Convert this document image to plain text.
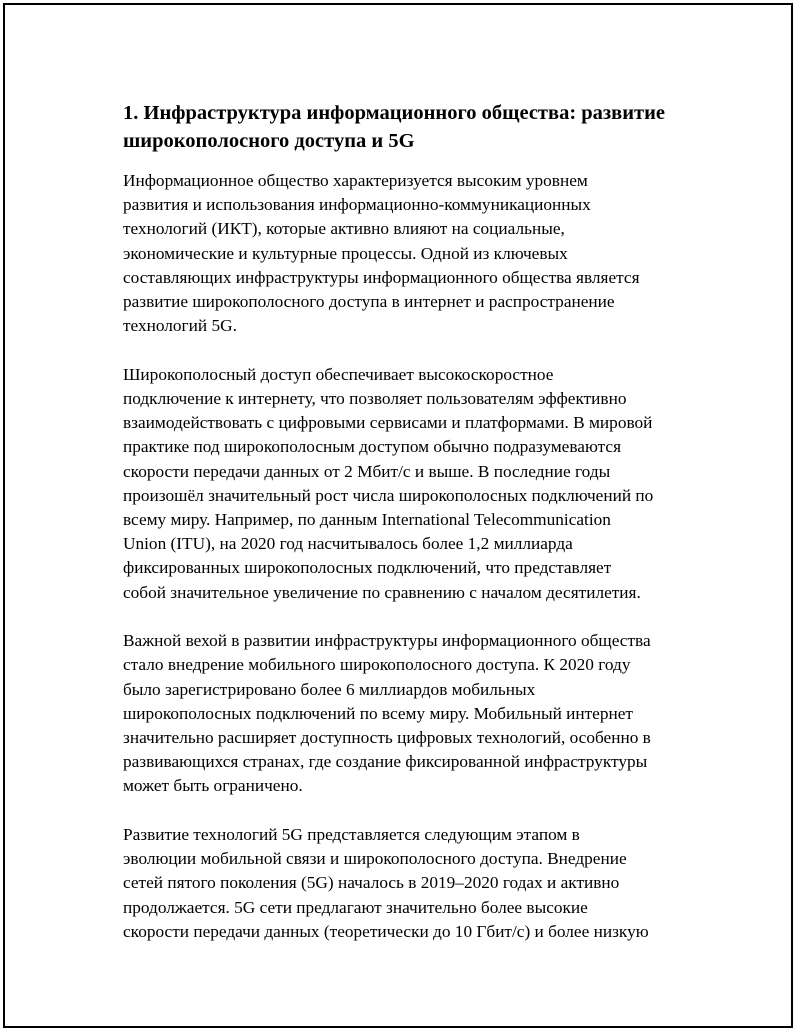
1. Инфраструктура информационного общества: развитие
широкополосного доступа и 5G

Информационное общество характеризуется высоким уровнем
развития и использования информационно-коммуникационных
технологий (ИКТ), которые активно влияют на социальные,
экономические и культурные процессы. Одной из ключевых
составляющих инфраструктуры информационного общества является
развитие широкополосного доступа в интернет и распространение
технологий 5G.

Широкополосный доступ обеспечивает высокоскоростное
подключение к интернету, что позволяет пользователям эффективно
взаимодействовать с цифровыми сервисами и платформами. В мировой
практике под широкополосным доступом обычно подразумеваются
скорости передачи данных от 2 Мбит/с и выше. В последние годы
произошёл значительный рост числа широкополосных подключений по
всему миру. Например, по данным International Telecommunication
Union (ITU), на 2020 год насчитывалось более 1,2 миллиарда
фиксированных широкополосных подключений, что представляет
собой значительное увеличение по сравнению с началом десятилетия.

Важной вехой в развитии инфраструктуры информационного общества
стало внедрение мобильного широкополосного доступа. К 2020 году
было зарегистрировано более 6 миллиардов мобильных
широкополосных подключений по всему миру. Мобильный интернет
значительно расширяет доступность цифровых технологий, особенно в
развивающихся странах, где создание фиксированной инфраструктуры
может быть ограничено.

Развитие технологий 5G представляется следующим этапом в
эволюции мобильной связи и широкополосного доступа. Внедрение
сетей пятого поколения (5G) началось в 2019–2020 годах и активно
продолжается. 5G сети предлагают значительно более высокие
скорости передачи данных (теоретически до 10 Гбит/с) и более низкую
